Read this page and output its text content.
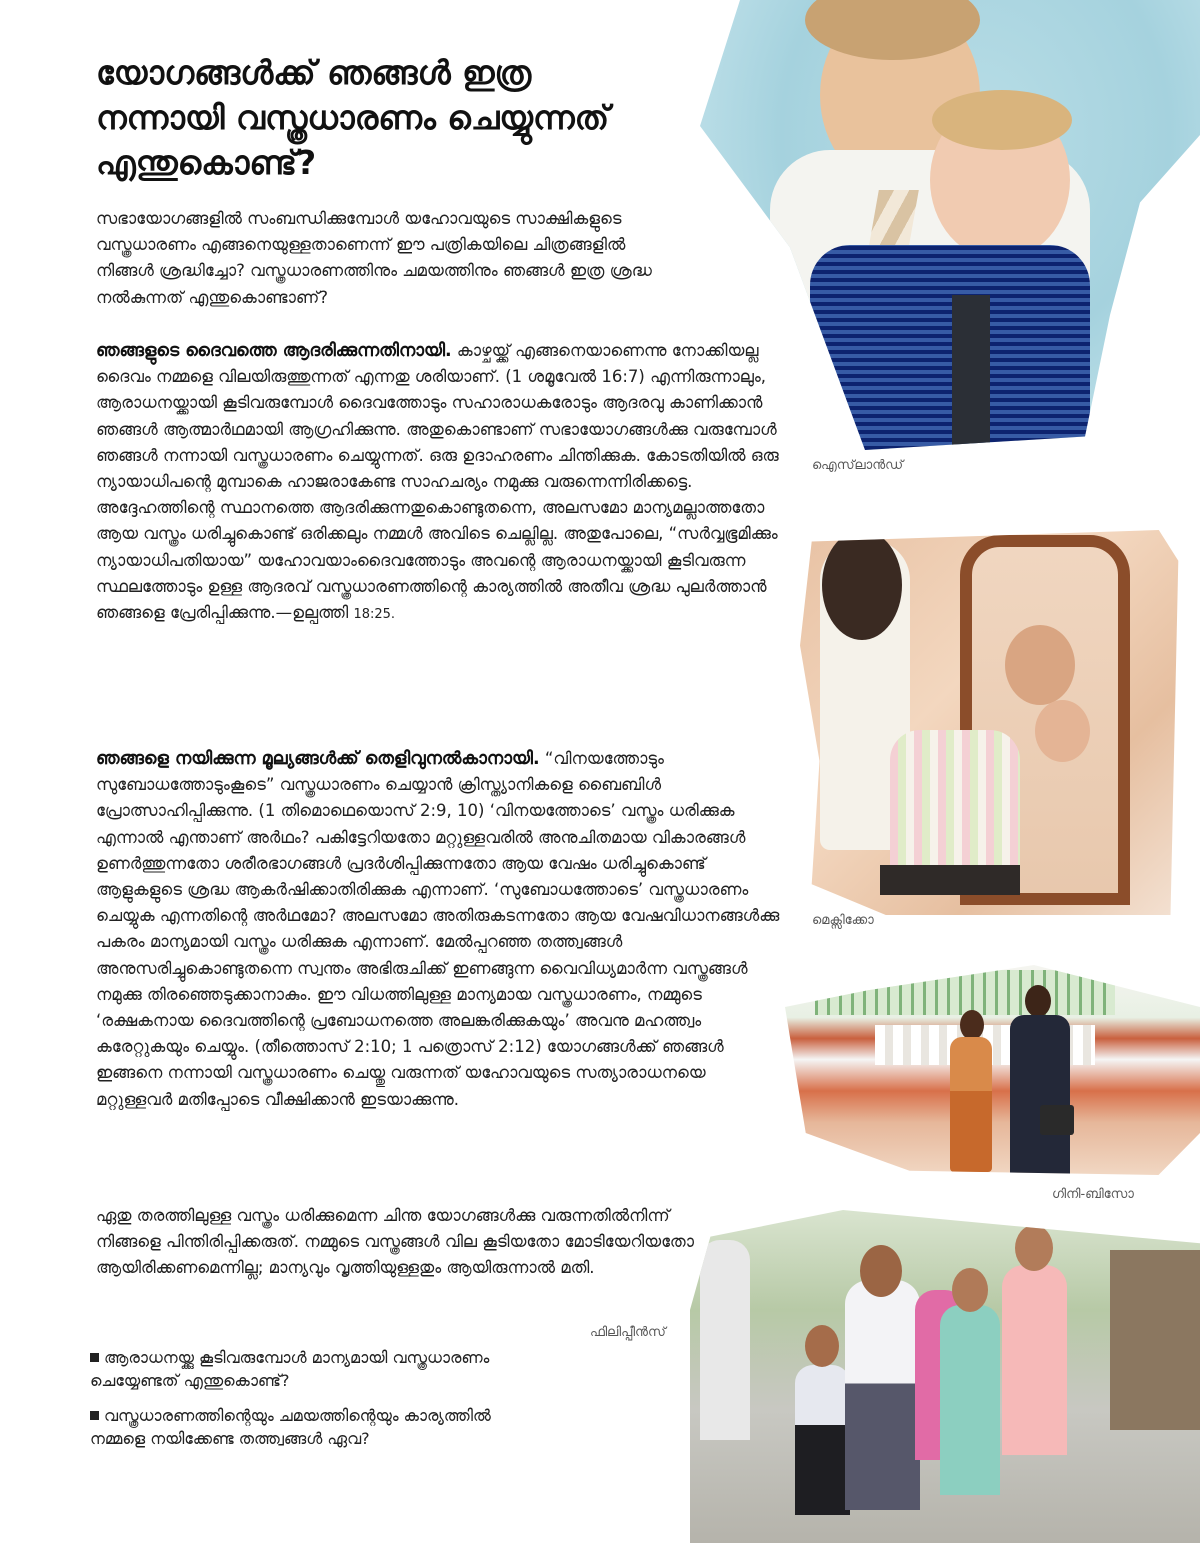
യോഗങ്ങൾക്ക് ഞങ്ങൾ ഇത്ര നന്നായി വസ്ത്രധാരണം ചെയ്യുന്നത് എന്തുകൊണ്ട്?

സഭായോഗങ്ങളിൽ സംബന്ധിക്കുമ്പോൾ യഹോവയുടെ സാക്ഷികളുടെ വസ്ത്രധാരണം എങ്ങനെയുള്ളതാണെന്ന് ഈ പത്രികയിലെ ചിത്രങ്ങളിൽ നിങ്ങൾ ശ്രദ്ധിച്ചോ? വസ്ത്രധാരണത്തിനും ചമയത്തിനും ഞങ്ങൾ ഇത്ര ശ്രദ്ധ നൽകുന്നത് എന്തുകൊണ്ടാണ്?

ഞങ്ങളുടെ ദൈവത്തെ ആദരിക്കുന്നതിനായി. കാഴ്ചയ്ക്ക് എങ്ങനെയാണെന്നു നോക്കിയല്ല ദൈവം നമ്മളെ വിലയിരുത്തുന്നത് എന്നതു ശരിയാണ്. (1 ശമൂവേൽ 16:7) എന്നിരുന്നാലും, ആരാധനയ്ക്കായി കൂടിവരുമ്പോൾ ദൈവത്തോടും സഹാരാധകരോടും ആദരവു കാണിക്കാൻ ഞങ്ങൾ ആത്മാർഥമായി ആഗ്രഹിക്കുന്നു. അതുകൊണ്ടാണ് സഭായോഗങ്ങൾക്കു വരുമ്പോൾ ഞങ്ങൾ നന്നായി വസ്ത്രധാരണം ചെയ്യുന്നത്. ഒരു ഉദാഹരണം ചിന്തിക്കുക. കോടതിയിൽ ഒരു ന്യായാധിപന്റെ മുമ്പാകെ ഹാജരാകേണ്ട സാഹചര്യം നമുക്കു വരുന്നെന്നിരിക്കട്ടെ. അദ്ദേഹത്തിന്റെ സ്ഥാനത്തെ ആദരിക്കുന്നതുകൊണ്ടുതന്നെ, അലസമോ മാന്യമല്ലാത്തതോ ആയ വസ്ത്രം ധരിച്ചുകൊണ്ട് ഒരിക്കലും നമ്മൾ അവിടെ ചെല്ലില്ല. അതുപോലെ, “സർവ്വഭൂമിക്കും ന്യായാധിപതിയായ” യഹോവയാംദൈവത്തോടും അവന്റെ ആരാധനയ്ക്കായി കൂടിവരുന്ന സ്ഥലത്തോടും ഉള്ള ആദരവ് വസ്ത്രധാരണത്തിന്റെ കാര്യത്തിൽ അതീവ ശ്രദ്ധ പുലർത്താൻ ഞങ്ങളെ പ്രേരിപ്പിക്കുന്നു.—ഉല്പത്തി 18:25.

ഞങ്ങളെ നയിക്കുന്ന മൂല്യങ്ങൾക്ക് തെളിവുനൽകാനായി. “വിനയത്തോടും സുബോധത്തോടുംകൂടെ” വസ്ത്രധാരണം ചെയ്യാൻ ക്രിസ്ത്യാനികളെ ബൈബിൾ പ്രോത്സാഹിപ്പിക്കുന്നു. (1 തിമൊഥെയൊസ് 2:9, 10) ‘വിനയത്തോടെ’ വസ്ത്രം ധരിക്കുക എന്നാൽ എന്താണ് അർഥം? പകിട്ടേറിയതോ മറ്റുള്ളവരിൽ അനുചിതമായ വികാരങ്ങൾ ഉണർത്തുന്നതോ ശരീരഭാഗങ്ങൾ പ്രദർശിപ്പിക്കുന്നതോ ആയ വേഷം ധരിച്ചുകൊണ്ട് ആളുകളുടെ ശ്രദ്ധ ആകർഷിക്കാതിരിക്കുക എന്നാണ്. ‘സുബോധത്തോടെ’ വസ്ത്രധാരണം ചെയ്യുക എന്നതിന്റെ അർഥമോ? അലസമോ അതിരുകടന്നതോ ആയ വേഷവിധാനങ്ങൾക്കു പകരം മാന്യമായി വസ്ത്രം ധരിക്കുക എന്നാണ്. മേൽപ്പറഞ്ഞ തത്ത്വങ്ങൾ അനുസരിച്ചുകൊണ്ടുതന്നെ സ്വന്തം അഭിരുചിക്ക് ഇണങ്ങുന്ന വൈവിധ്യമാർന്ന വസ്ത്രങ്ങൾ നമുക്കു തിരഞ്ഞെടുക്കാനാകും. ഈ വിധത്തിലുള്ള മാന്യമായ വസ്ത്രധാരണം, നമ്മുടെ ‘രക്ഷകനായ ദൈവത്തിന്റെ പ്രബോധനത്തെ അലങ്കരിക്കുകയും’ അവനു മഹത്ത്വം കരേറ്റുകയും ചെയ്യും. (തീത്തൊസ് 2:10; 1 പത്രൊസ് 2:12) യോഗങ്ങൾക്ക് ഞങ്ങൾ ഇങ്ങനെ നന്നായി വസ്ത്രധാരണം ചെയ്തു വരുന്നത് യഹോവയുടെ സത്യാരാധനയെ മറ്റുള്ളവർ മതിപ്പോടെ വീക്ഷിക്കാൻ ഇടയാക്കുന്നു.

ഏതു തരത്തിലുള്ള വസ്ത്രം ധരിക്കുമെന്ന ചിന്ത യോഗങ്ങൾക്കു വരുന്നതിൽനിന്ന് നിങ്ങളെ പിന്തിരിപ്പിക്കരുത്. നമ്മുടെ വസ്ത്രങ്ങൾ വില കൂടിയതോ മോടിയേറിയതോ ആയിരിക്കണമെന്നില്ല; മാന്യവും വൃത്തിയുള്ളതും ആയിരുന്നാൽ മതി.

ആരാധനയ്ക്കു കൂടിവരുമ്പോൾ മാന്യമായി വസ്ത്രധാരണം ചെയ്യേണ്ടത് എന്തുകൊണ്ട്?
വസ്ത്രധാരണത്തിന്റെയും ചമയത്തിന്റെയും കാര്യത്തിൽ നമ്മളെ നയിക്കേണ്ട തത്ത്വങ്ങൾ ഏവ?
ഐസ്‌ലാൻഡ്
മെക്സിക്കോ
ഗിനി-ബിസോ
ഫിലിപ്പീൻസ്
